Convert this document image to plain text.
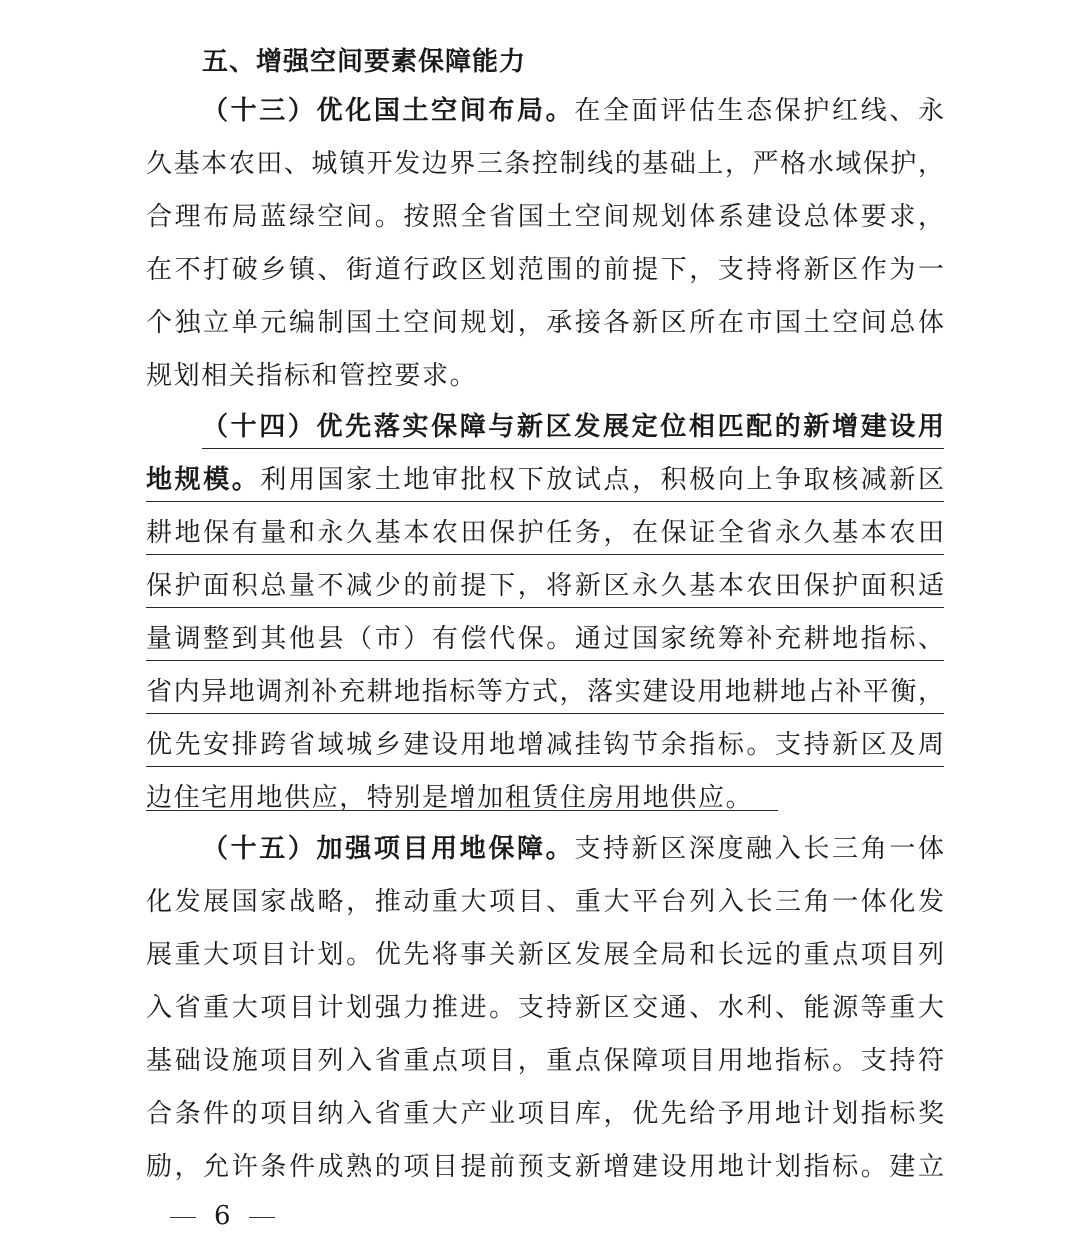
五、增强空间要素保障能力
（十三）优化国土空间布局。在全面评估生态保护红线、永
久基本农田、城镇开发边界三条控制线的基础上，严格水域保护，
合理布局蓝绿空间。按照全省国土空间规划体系建设总体要求，
在不打破乡镇、街道行政区划范围的前提下，支持将新区作为一
个独立单元编制国土空间规划，承接各新区所在市国土空间总体
规划相关指标和管控要求。
（十四）优先落实保障与新区发展定位相匹配的新增建设用
地规模。利用国家土地审批权下放试点，积极向上争取核减新区
耕地保有量和永久基本农田保护任务，在保证全省永久基本农田
保护面积总量不减少的前提下，将新区永久基本农田保护面积适
量调整到其他县（市）有偿代保。通过国家统筹补充耕地指标、
省内异地调剂补充耕地指标等方式，落实建设用地耕地占补平衡，
优先安排跨省域城乡建设用地增减挂钩节余指标。支持新区及周
边住宅用地供应，特别是增加租赁住房用地供应。
（十五）加强项目用地保障。支持新区深度融入长三角一体
化发展国家战略，推动重大项目、重大平台列入长三角一体化发
展重大项目计划。优先将事关新区发展全局和长远的重点项目列
入省重大项目计划强力推进。支持新区交通、水利、能源等重大
基础设施项目列入省重点项目，重点保障项目用地指标。支持符
合条件的项目纳入省重大产业项目库，优先给予用地计划指标奖
励，允许条件成熟的项目提前预支新增建设用地计划指标。建立
6
